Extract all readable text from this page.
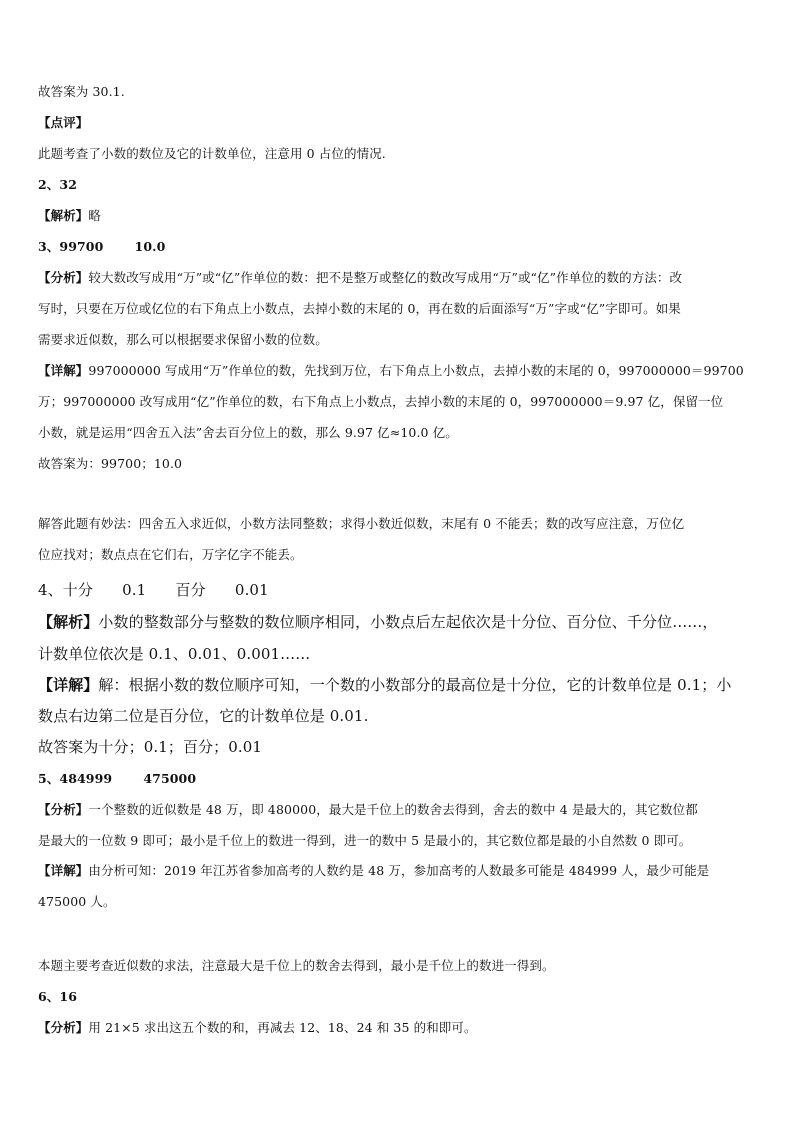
故答案为 30.1.
【点评】
此题考查了小数的数位及它的计数单位，注意用 0 占位的情况.
2、32
【解析】略
3、99700       10.0
【分析】较大数改写成用“万”或“亿”作单位的数：把不是整万或整亿的数改写成用“万”或“亿”作单位的数的方法：改
写时，只要在万位或亿位的右下角点上小数点，去掉小数的末尾的 0，再在数的后面添写“万”字或“亿”字即可。如果
需要求近似数，那么可以根据要求保留小数的位数。
【详解】997000000 写成用“万”作单位的数，先找到万位，右下角点上小数点，去掉小数的末尾的 0，997000000＝99700
万；997000000 改写成用“亿”作单位的数，右下角点上小数点，去掉小数的末尾的 0，997000000＝9.97 亿，保留一位
小数，就是运用“四舍五入法”舍去百分位上的数，那么 9.97 亿≈10.0 亿。
故答案为：99700；10.0
解答此题有妙法：四舍五入求近似，小数方法同整数；求得小数近似数，末尾有 0 不能丢；数的改写应注意，万位亿
位应找对；数点点在它们右，万字亿字不能丢。
4、十分      0.1      百分      0.01
【解析】小数的整数部分与整数的数位顺序相同，小数点后左起依次是十分位、百分位、千分位……，
计数单位依次是 0.1、0.01、0.001……
【详解】解：根据小数的数位顺序可知，一个数的小数部分的最高位是十分位，它的计数单位是 0.1；小
数点右边第二位是百分位，它的计数单位是 0.01.
故答案为十分；0.1；百分；0.01
5、484999       475000
【分析】一个整数的近似数是 48 万，即 480000，最大是千位上的数舍去得到，舍去的数中 4 是最大的，其它数位都
是最大的一位数 9 即可；最小是千位上的数进一得到，进一的数中 5 是最小的，其它数位都是最的小自然数 0 即可。
【详解】由分析可知：2019 年江苏省参加高考的人数约是 48 万，参加高考的人数最多可能是 484999 人，最少可能是
475000 人。
本题主要考查近似数的求法，注意最大是千位上的数舍去得到，最小是千位上的数进一得到。
6、16
【分析】用 21×5 求出这五个数的和，再减去 12、18、24 和 35 的和即可。
